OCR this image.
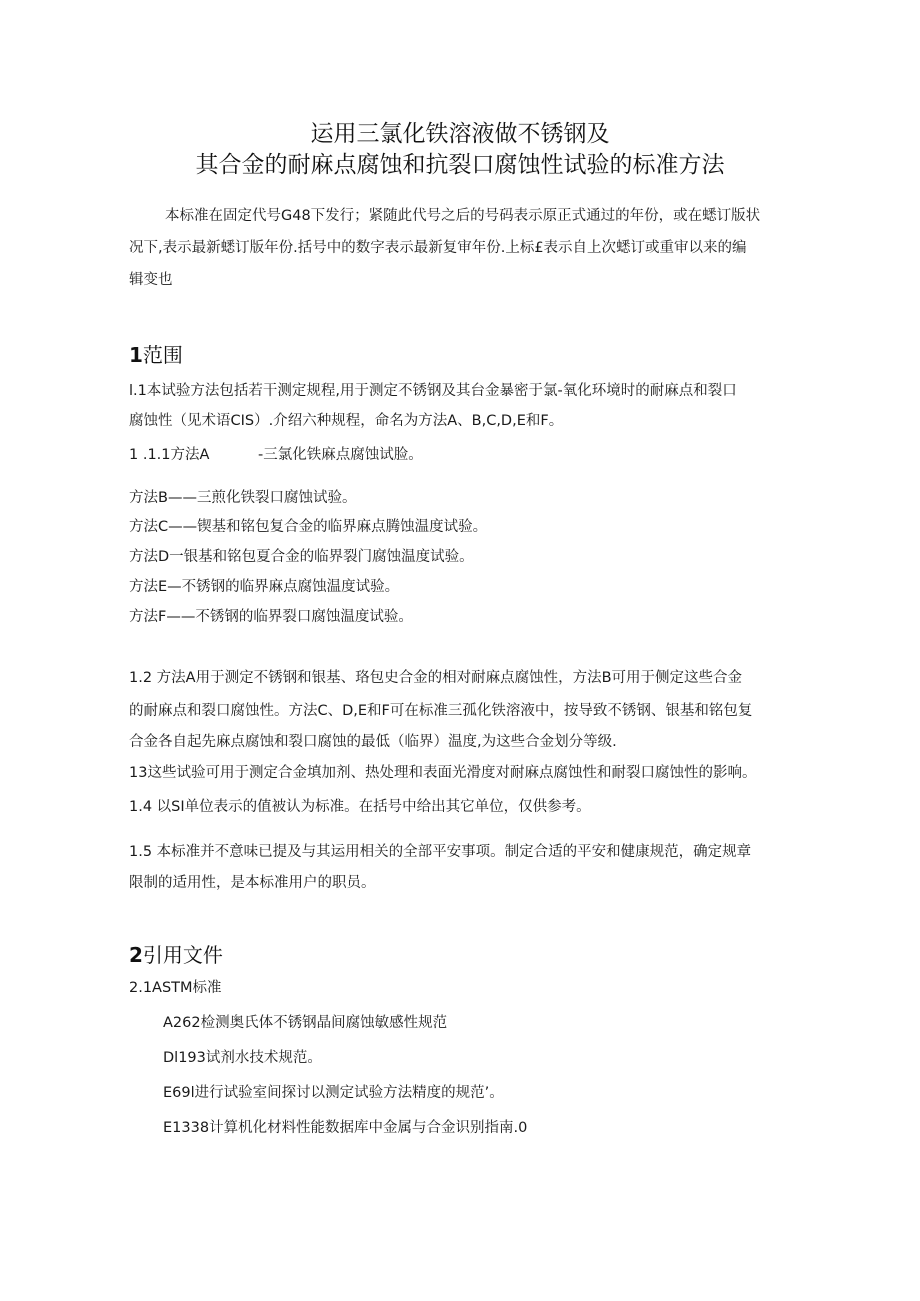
运用三氯化铁溶液做不锈钢及
其合金的耐麻点腐蚀和抗裂口腐蚀性试验的标准方法
本标准在固定代号G48下发行；紧随此代号之后的号码表示原正式通过的年份，或在蟋订版状
况下,表示最新蟋订版年份.括号中的数字表示最新复审年份.上标£表示自上次蟋订或重审以来的编
辑变也
1范围
l.1本试验方法包括若干测定规程,用于测定不锈钢及其台金暴密于氯-氧化环境时的耐麻点和裂口
腐蚀性（见术语CIS）.介绍六种规程，命名为方法A、B,C,D,E和F。
1 .1.1方法A	-三氯化铁麻点腐蚀试脸。
方法B——三煎化铁裂口腐蚀试验。
方法C——锲基和铭包复合金的临界麻点腾蚀温度试验。
方法D一银基和铭包夏合金的临界裂门腐蚀温度试验。
方法E—不锈钢的临界麻点腐蚀温度试验。
方法F——不锈钢的临界裂口腐蚀温度试验。
1.2 方法A用于测定不锈钢和银基、珞包史合金的相对耐麻点腐蚀性，方法B可用于侧定这些合金
的耐麻点和裂口腐蚀性。方法C、D,E和F可在标准三孤化铁溶液中，按导致不锈钢、银基和铭包复
合金各自起先麻点腐蚀和裂口腐蚀的最低（临界）温度,为这些合金划分等级.
13这些试验可用于测定合金填加剂、热处理和表面光滑度对耐麻点腐蚀性和耐裂口腐蚀性的影响。
1.4 以SI单位表示的值被认为标准。在括号中给出其它单位，仅供参考。
1.5 本标准并不意味已提及与其运用相关的全部平安事项。制定合适的平安和健康规范，确定规章
限制的适用性，是本标准用户的职员。
2引用文件
2.1ASTM标准
A262检测奥氏体不锈钢晶间腐蚀敏感性规范
Dl193试剂水技术规范。
E69l进行试验室间探讨以测定试验方法精度的规范’。
E1338计算机化材料性能数据库中金属与合金识别指南.0
